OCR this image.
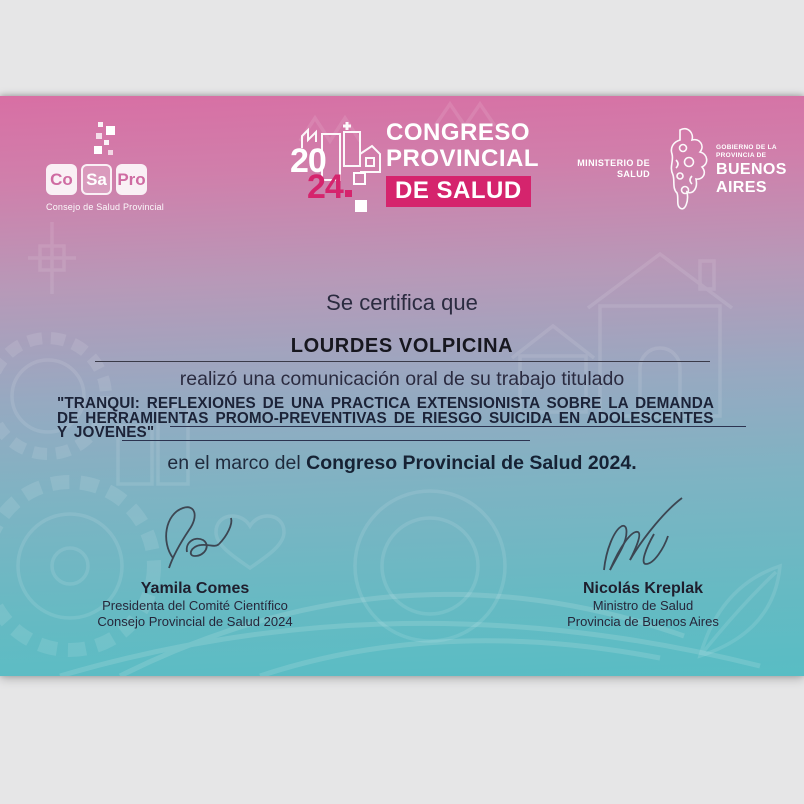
Co Sa Pro
Consejo de Salud Provincial
20
24
CONGRESO
PROVINCIAL
DE SALUD
MINISTERIO DE
SALUD
GOBIERNO DE LA
PROVINCIA DE
BUENOS
AIRES
Se certifica que
LOURDES VOLPICINA
realizó una comunicación oral de su trabajo titulado
"TRANQUI: REFLEXIONES DE UNA PRACTICA EXTENSIONISTA SOBRE LA DEMANDA
DE HERRAMIENTAS PROMO-PREVENTIVAS DE RIESGO SUICIDA EN ADOLESCENTES
Y JOVENES"
en el marco del Congreso Provincial de Salud 2024.
Yamila Comes
Presidenta del Comité Científico
Consejo Provincial de Salud 2024
Nicolás Kreplak
Ministro de Salud
Provincia de Buenos Aires
